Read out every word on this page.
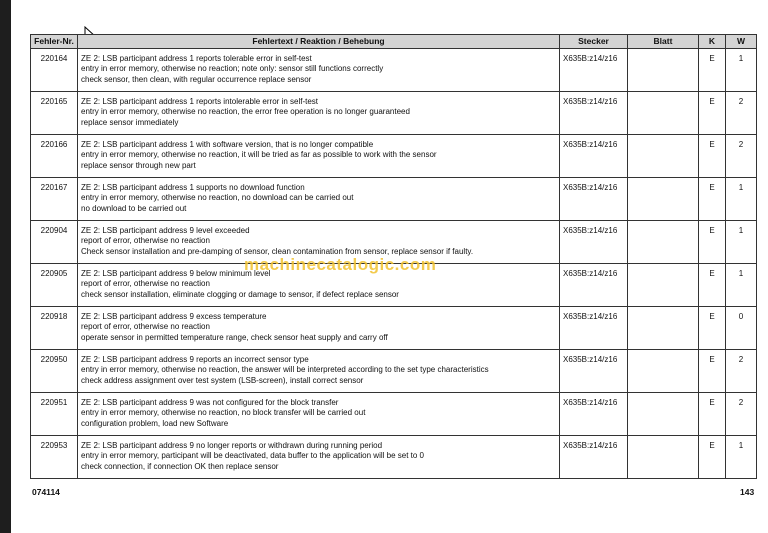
Fehler-Nr.	Fehlertext / Reaktion / Behebung	Stecker	Blatt	K	W
220164	ZE 2: LSB participant address 1 reports tolerable error in self-test
entry in error memory, otherwise no reaction; note only: sensor still functions correctly
check sensor, then clean, with regular occurrence replace sensor	X635B:z14/z16		E	1
220165	ZE 2: LSB participant address 1 reports intolerable error in self-test
entry in error memory, otherwise no reaction, the error free operation is no longer guaranteed
replace sensor immediately	X635B:z14/z16		E	2
220166	ZE 2: LSB participant address 1 with software version, that is no longer compatible
entry in error memory, otherwise no reaction, it will be tried as far as possible to work with the sensor
replace sensor through new part	X635B:z14/z16		E	2
220167	ZE 2: LSB participant address 1 supports no download function
entry in error memory, otherwise no reaction, no download can be carried out
no download to be carried out	X635B:z14/z16		E	1
220904	ZE 2: LSB participant address 9 level exceeded
report of error, otherwise no reaction
Check sensor installation and pre-damping of sensor, clean contamination from sensor, replace sensor if faulty.	X635B:z14/z16		E	1
220905	ZE 2: LSB participant address 9 below minimum level
report of error, otherwise no reaction
check sensor installation, eliminate clogging or damage to sensor, if defect replace sensor	X635B:z14/z16		E	1
220918	ZE 2: LSB participant address 9 excess temperature
report of error, otherwise no reaction
operate sensor in permitted temperature range, check sensor heat supply and carry off	X635B:z14/z16		E	0
220950	ZE 2: LSB participant address 9 reports an incorrect sensor type
entry in error memory, otherwise no reaction, the answer will be interpreted according to the set type characteristics
check address assignment over test system (LSB-screen), install correct sensor	X635B:z14/z16		E	2
220951	ZE 2: LSB participant address 9 was not configured for the block transfer
entry in error memory, otherwise no reaction, no block transfer will be carried out
configuration problem, load new Software	X635B:z14/z16		E	2
220953	ZE 2: LSB participant address 9 no longer reports or withdrawn during running period
entry in error memory, participant will be deactivated, data buffer to the application will be set to 0
check connection, if connection OK then replace sensor	X635B:z14/z16		E	1
machinecatalogic.com
074114	143
